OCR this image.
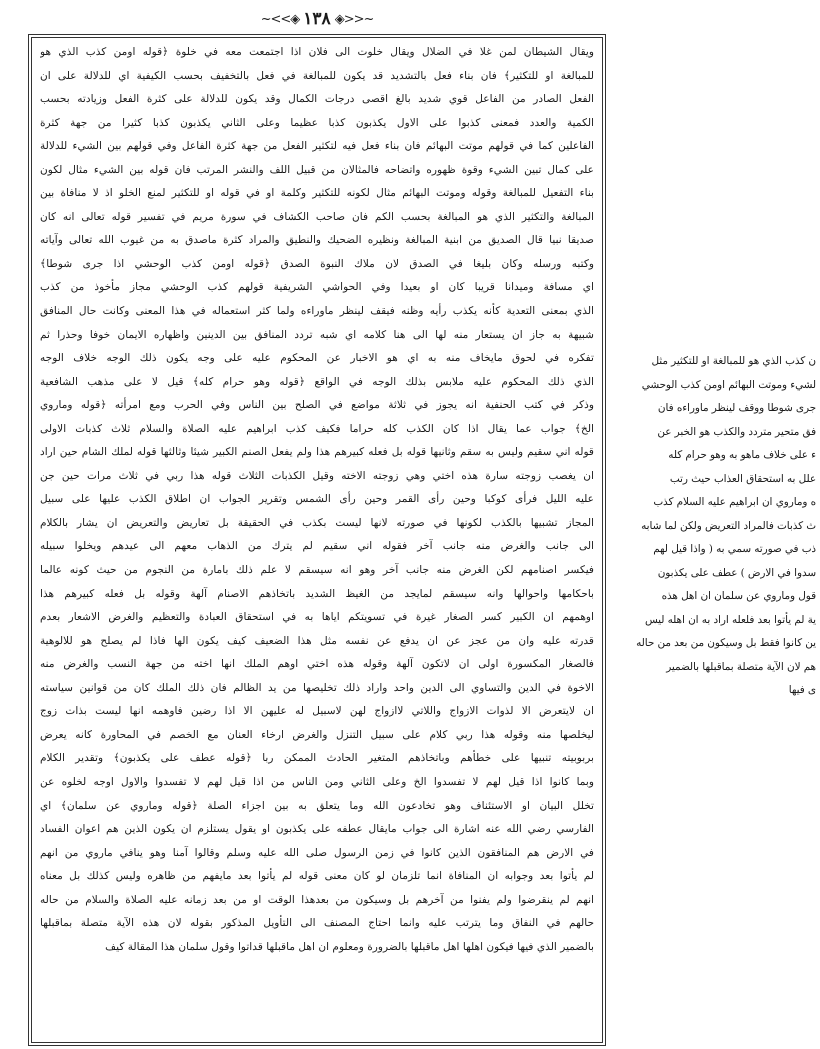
~<<◈ ١٣٨ ◈>>~
ويقال الشيطان لمن غلا في الضلال ويقال خلوت الى فلان اذا اجتمعت معه في خلوة ﴿قوله اومن كذب الذي هو
للمبالغة او للتكثير﴾ فان بناء فعل بالتشديد قد يكون للمبالغة في فعل بالتخفيف بحسب الكيفية اي للدلالة على ان
الفعل الصادر من الفاعل قوي شديد بالغ اقصى درجات الكمال وقد يكون للدلالة على كثرة الفعل وزيادته بحسب
الكمية والعدد فمعنى كذبوا على الاول يكذبون كذبا عظيما وعلى الثاني يكذبون كذبا كثيرا من جهة كثرة
الفاعلين كما في قولهم موتت البهائم فان بناء فعل فيه لتكثير الفعل من جهة كثرة الفاعل وفي قولهم بين الشيء للدلالة
على كمال تبين الشيء وقوة ظهوره واتضاحه فالمثالان من قبيل اللف والنشر المرتب فان قوله بين الشيء مثال لكون
بناء التفعيل للمبالغة وقوله وموتت البهائم مثال لكونه للتكثير وكلمة او في قوله او للتكثير لمنع الخلو اذ لا منافاة بين
المبالغة والتكثير الذي هو المبالغة بحسب الكم فان صاحب الكشاف في سورة مريم في تفسير قوله تعالى انه كان
صديقا نبيا قال الصديق من ابنية المبالغة ونظيره الضحيك والنطيق والمراد كثرة ماصدق به من غيوب الله تعالى وآياته
وكتبه ورسله وكان بليغا في الصدق لان ملاك النبوة الصدق ﴿قوله اومن كذب الوحشي اذا جرى شوطا﴾
اي مسافة وميدانا قريبا كان او بعيدا وفي الحواشي الشريفية قولهم كذب الوحشي مجاز مأخوذ من كذب
الذي بمعنى التعدية كأنه يكذب رأيه وظنه فيقف لينظر ماوراءه ولما كثر استعماله في هذا المعنى وكانت حال المنافق
شبيهة به جاز ان يستعار منه لها الى هنا كلامه اي شبه تردد المنافق بين الدينين واظهاره الايمان خوفا وحذرا ثم
تفكره في لحوق مايخاف منه به اي هو الاخبار عن المحكوم عليه على وجه يكون ذلك الوجه خلاف الوجه
الذي ذلك المحكوم عليه ملابس بذلك الوجه في الواقع ﴿قوله وهو حرام كله﴾ قيل لا على مذهب الشافعية
وذكر في كتب الحنفية انه يجوز في ثلاثة مواضع في الصلح بين الناس وفي الحرب ومع امرأته ﴿قوله وماروي
الخ﴾ جواب عما يقال اذا كان الكذب كله حراما فكيف كذب ابراهيم عليه الصلاة والسلام ثلاث كذبات الاولى
قوله اني سقيم وليس به سقم وثانيها قوله بل فعله كبيرهم هذا ولم يفعل الصنم الكبير شيئا وثالثها قوله لملك الشام حين اراد
ان يغصب زوجته سارة هذه اختي وهي زوجته الاخته وقيل الكذبات الثلاث قوله هذا ربي في ثلاث مرات حين جن
عليه الليل فرأى كوكبا وحين رأى القمر وحين رأى الشمس وتقرير الجواب ان اطلاق الكذب عليها على سبيل
المجاز تشبيها بالكذب لكونها في صورته لانها ليست بكذب في الحقيقة بل تعاريض والتعريض ان يشار بالكلام
الى جانب والغرض منه جانب آخر فقوله اني سقيم لم يترك من الذهاب معهم الى عيدهم ويخلوا سبيله
فيكسر اصنامهم لكن الغرض منه جانب آخر وهو انه سيسقم لا علم ذلك بامارة من النجوم من حيث كونه عالما
باحكامها واحوالها وانه سيسقم لمايجد من الغيظ الشديد باتخاذهم الاصنام آلهة وقوله بل فعله كبيرهم هذا
اوهمهم ان الكبير كسر الصغار غيرة في تسويتكم اياها به في استحقاق العبادة والتعظيم والغرض الاشعار بعدم
قدرته عليه وان من عجز عن ان يدفع عن نفسه مثل هذا الضعيف كيف يكون الها فاذا لم يصلح هو للالوهية
فالصغار المكسورة اولى ان لاتكون آلهة وقوله هذه اختي اوهم الملك انها اخته من جهة النسب والغرض منه
الاخوة في الدين والتساوي الى الدين واحد واراد ذلك تخليصها من يد الظالم فان ذلك الملك كان من قوانين سياسته
ان لايتعرض الا لذوات الازواج واللاتي لاازواج لهن لاسبيل له عليهن الا اذا رضين فاوهمه انها ليست بذات زوج
ليخلصها منه وقوله هذا ربي كلام على سبيل التنزل والغرض ارخاء العنان مع الخصم في المحاورة كانه يعرض
بربوبيته تنبيها على خطأهم وباتخاذهم المتغير الحادث الممكن ربا ﴿قوله عطف على يكذبون﴾ وتقدير الكلام
وبما كانوا اذا قيل لهم لا تفسدوا الخ وعلى الثاني ومن الناس من اذا قيل لهم لا تفسدوا والاول اوجه لخلوه عن
تخلل البيان او الاستئناف وهو تخادعون الله وما يتعلق به بين اجزاء الصلة ﴿قوله وماروي عن سلمان﴾ اي
الفارسي رضي الله عنه اشارة الى جواب مايقال عطفه على يكذبون او يقول يستلزم ان يكون الذين هم اعوان الفساد
في الارض هم المنافقون الذين كانوا في زمن الرسول صلى الله عليه وسلم وقالوا آمنا وهو ينافي ماروي من انهم
لم يأتوا بعد وجوابه ان المنافاة انما تلزمان لو كان معنى قوله لم يأتوا بعد مايفهم من ظاهره وليس كذلك بل معناه
انهم لم ينقرضوا ولم يفنوا من آخرهم بل وسيكون من بعدهذا الوقت او من بعد زمانه عليه الصلاة والسلام من حاله
حالهم في النفاق وما يترتب عليه وانما احتاج المصنف الى التأويل المذكور بقوله لان هذه الآية متصلة بماقبلها
بالضمير الذي فيها فيكون اهلها اهل ماقبلها بالضرورة ومعلوم ان اهل ماقبلها قداتوا وقول سلمان هذا المقالة كيف
ن كذب الذي هو للمبالغة او للتكثير مثل
لشيء وموتت البهائم اومن كذب الوحشي
جرى شوطا ووقف لينظر ماوراءه فان
فق متحير متردد والكذب هو الخبر عن
ء على خلاف ماهو به وهو حرام كله
علل به استحقاق العذاب حيث رتب
ه وماروي ان ابراهيم عليه السلام كذب
ث كذبات فالمراد التعريض ولكن لما شابه
ذب في صورته سمي به ( واذا قيل لهم
سدوا في الارض ) عطف على يكذبون
قول وماروي عن سلمان ان اهل هذه
ية لم يأتوا بعد فلعله اراد به ان اهله ليس
ين كانوا فقط بل وسيكون من بعد من حاله
هم لان الآية متصلة بماقبلها بالضمير
ى فيها
